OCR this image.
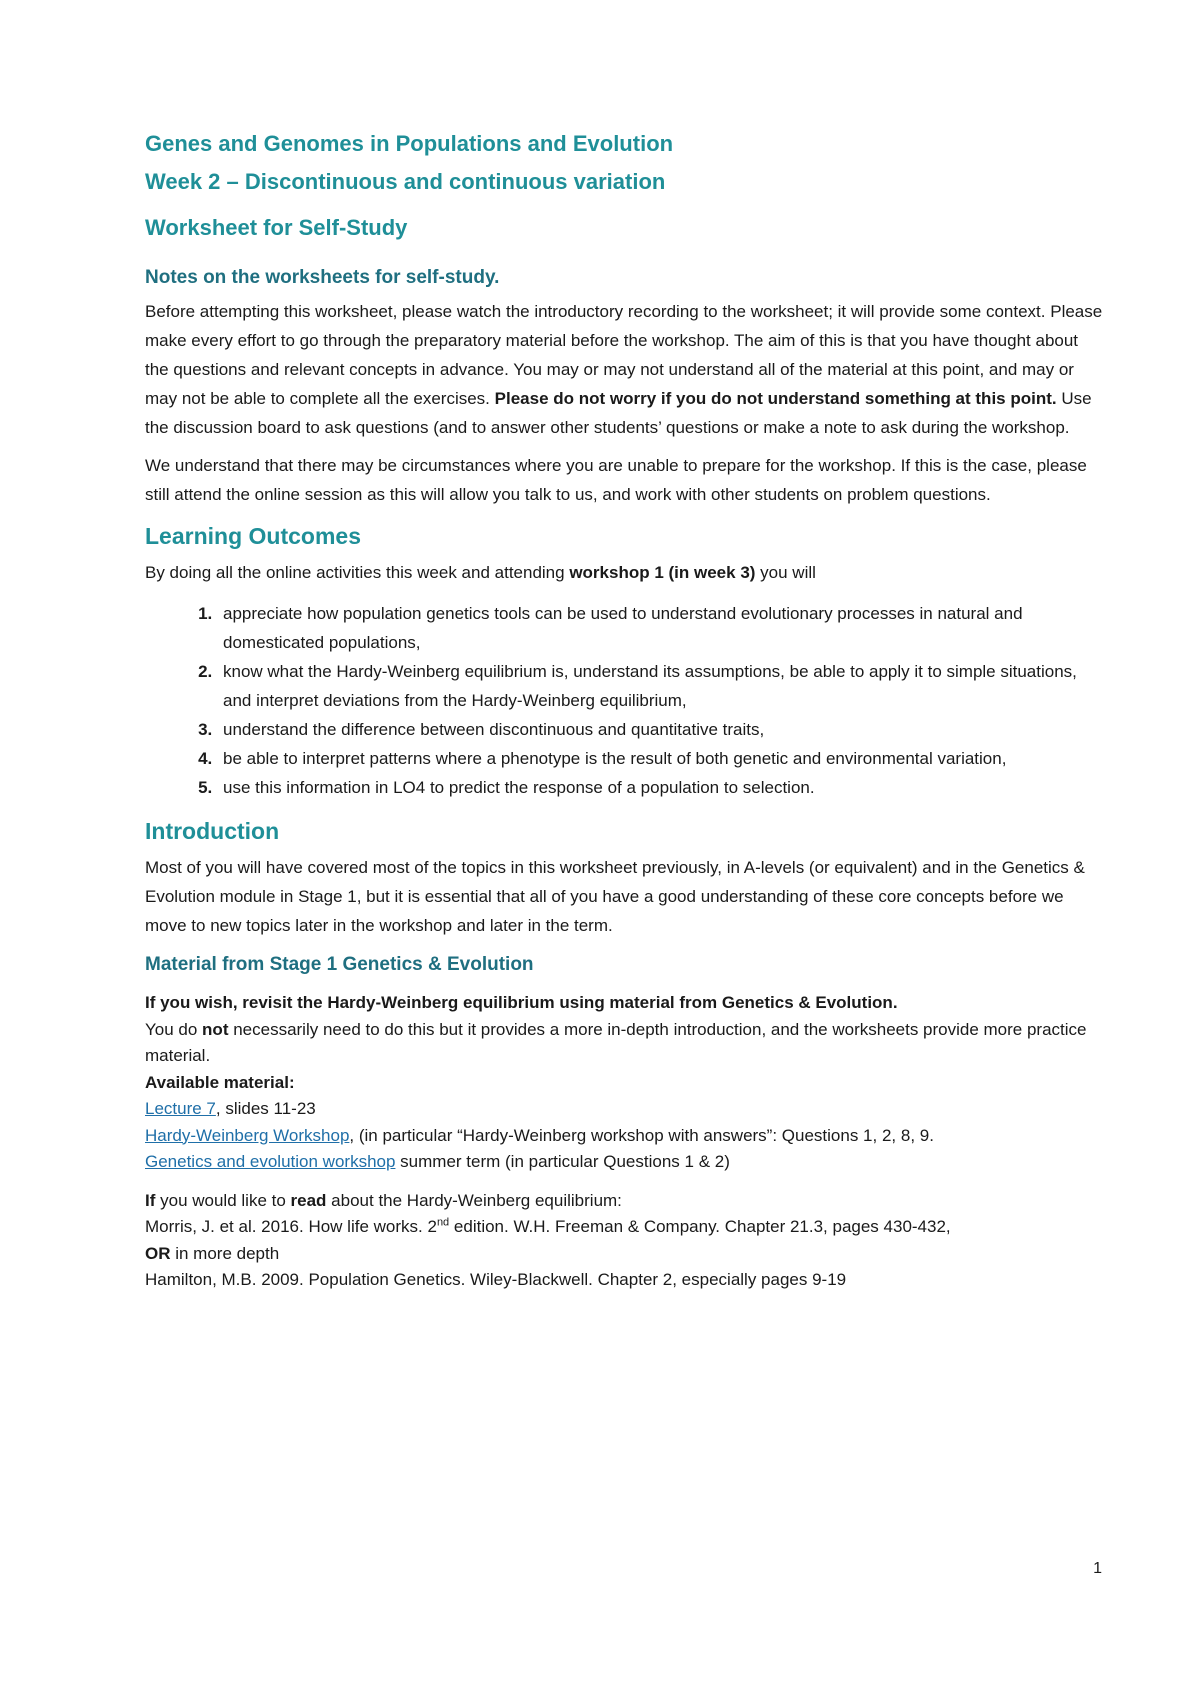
Genes and Genomes in Populations and Evolution
Week 2 – Discontinuous and continuous variation
Worksheet for Self-Study
Notes on the worksheets for self-study.

Before attempting this worksheet, please watch the introductory recording to the worksheet; it will provide some context. Please make every effort to go through the preparatory material before the workshop. The aim of this is that you have thought about the questions and relevant concepts in advance. You may or may not understand all of the material at this point, and may or may not be able to complete all the exercises. Please do not worry if you do not understand something at this point. Use the discussion board to ask questions (and to answer other students’ questions or make a note to ask during the workshop.

We understand that there may be circumstances where you are unable to prepare for the workshop. If this is the case, please still attend the online session as this will allow you talk to us, and work with other students on problem questions.

Learning Outcomes

By doing all the online activities this week and attending workshop 1 (in week 3) you will

1. appreciate how population genetics tools can be used to understand evolutionary processes in natural and domesticated populations,
2. know what the Hardy-Weinberg equilibrium is, understand its assumptions, be able to apply it to simple situations, and interpret deviations from the Hardy-Weinberg equilibrium,
3. understand the difference between discontinuous and quantitative traits,
4. be able to interpret patterns where a phenotype is the result of both genetic and environmental variation,
5. use this information in LO4 to predict the response of a population to selection.
Introduction

Most of you will have covered most of the topics in this worksheet previously, in A-levels (or equivalent) and in the Genetics & Evolution module in Stage 1, but it is essential that all of you have a good understanding of these core concepts before we move to new topics later in the workshop and later in the term.

Material from Stage 1 Genetics & Evolution

If you wish, revisit the Hardy-Weinberg equilibrium using material from Genetics & Evolution.

You do not necessarily need to do this but it provides a more in-depth introduction, and the worksheets provide more practice material.

Available material:

Lecture 7, slides 11-23

Hardy-Weinberg Workshop, (in particular “Hardy-Weinberg workshop with answers”: Questions 1, 2, 8, 9.

Genetics and evolution workshop summer term (in particular Questions 1 & 2)

If you would like to read about the Hardy-Weinberg equilibrium:

Morris, J. et al. 2016. How life works. 2nd edition. W.H. Freeman & Company. Chapter 21.3, pages 430-432,

OR in more depth

Hamilton, M.B. 2009. Population Genetics. Wiley-Blackwell. Chapter 2, especially pages 9-19

1
